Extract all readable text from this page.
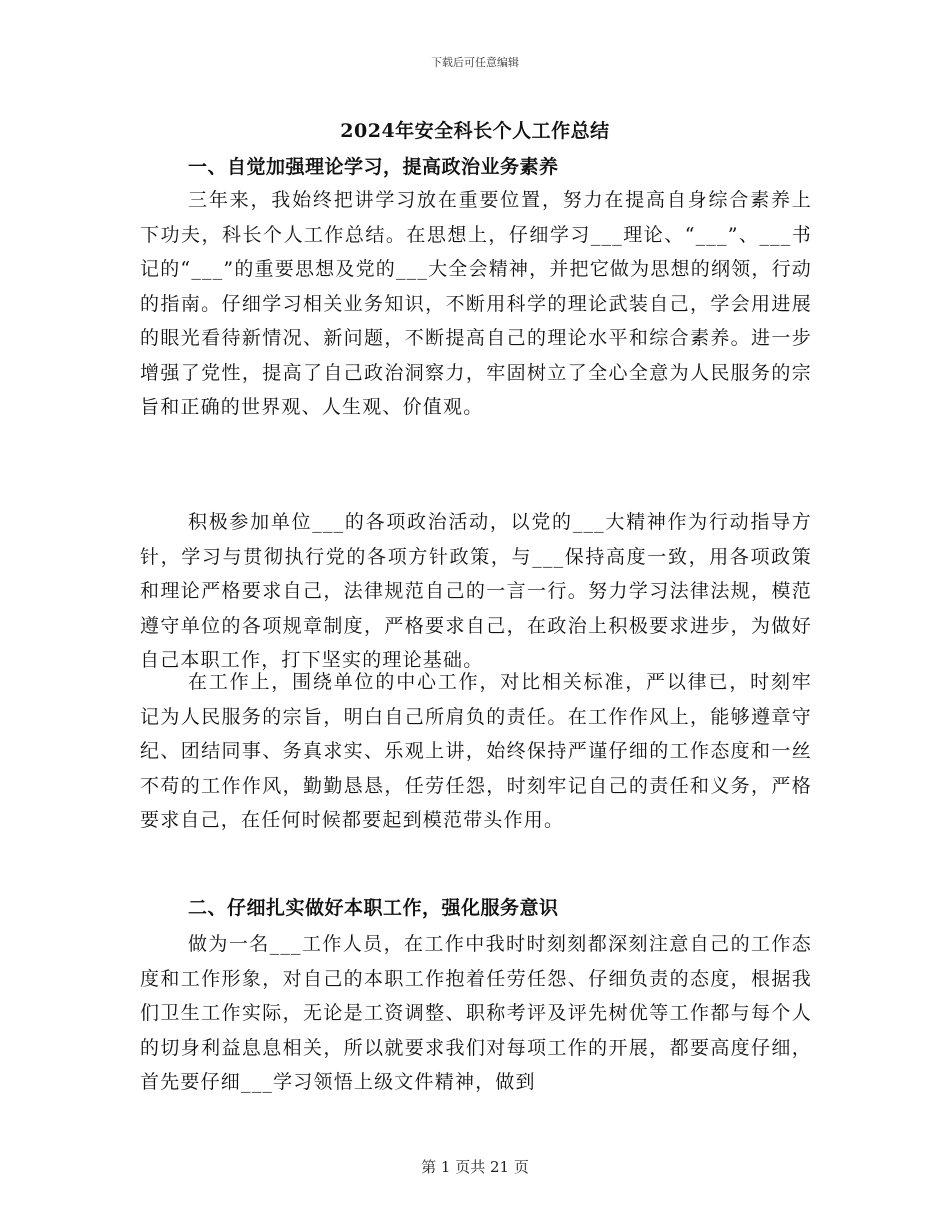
下载后可任意编辑
2024年安全科长个人工作总结
一、自觉加强理论学习，提高政治业务素养

三年来，我始终把讲学习放在重要位置，努力在提高自身综合素养上下功夫，科长个人工作总结。在思想上，仔细学习___理论、“___”、___书记的“___”的重要思想及党的___大全会精神，并把它做为思想的纲领，行动的指南。仔细学习相关业务知识，不断用科学的理论武装自己，学会用进展的眼光看待新情况、新问题，不断提高自己的理论水平和综合素养。进一步增强了党性，提高了自己政治洞察力，牢固树立了全心全意为人民服务的宗旨和正确的世界观、人生观、价值观。

积极参加单位___的各项政治活动，以党的___大精神作为行动指导方针，学习与贯彻执行党的各项方针政策，与___保持高度一致，用各项政策和理论严格要求自己，法律规范自己的一言一行。努力学习法律法规，模范遵守单位的各项规章制度，严格要求自己，在政治上积极要求进步，为做好自己本职工作，打下坚实的理论基础。

在工作上，围绕单位的中心工作，对比相关标准，严以律已，时刻牢记为人民服务的宗旨，明白自己所肩负的责任。在工作作风上，能够遵章守纪、团结同事、务真求实、乐观上讲，始终保持严谨仔细的工作态度和一丝不苟的工作作风，勤勤恳恳，任劳任怨，时刻牢记自己的责任和义务，严格要求自己，在任何时候都要起到模范带头作用。

二、仔细扎实做好本职工作，强化服务意识

做为一名___工作人员，在工作中我时时刻刻都深刻注意自己的工作态度和工作形象，对自己的本职工作抱着任劳任怨、仔细负责的态度，根据我们卫生工作实际，无论是工资调整、职称考评及评先树优等工作都与每个人的切身利益息息相关，所以就要求我们对每项工作的开展，都要高度仔细，首先要仔细___学习领悟上级文件精神，做到

第 1 页共 21 页
